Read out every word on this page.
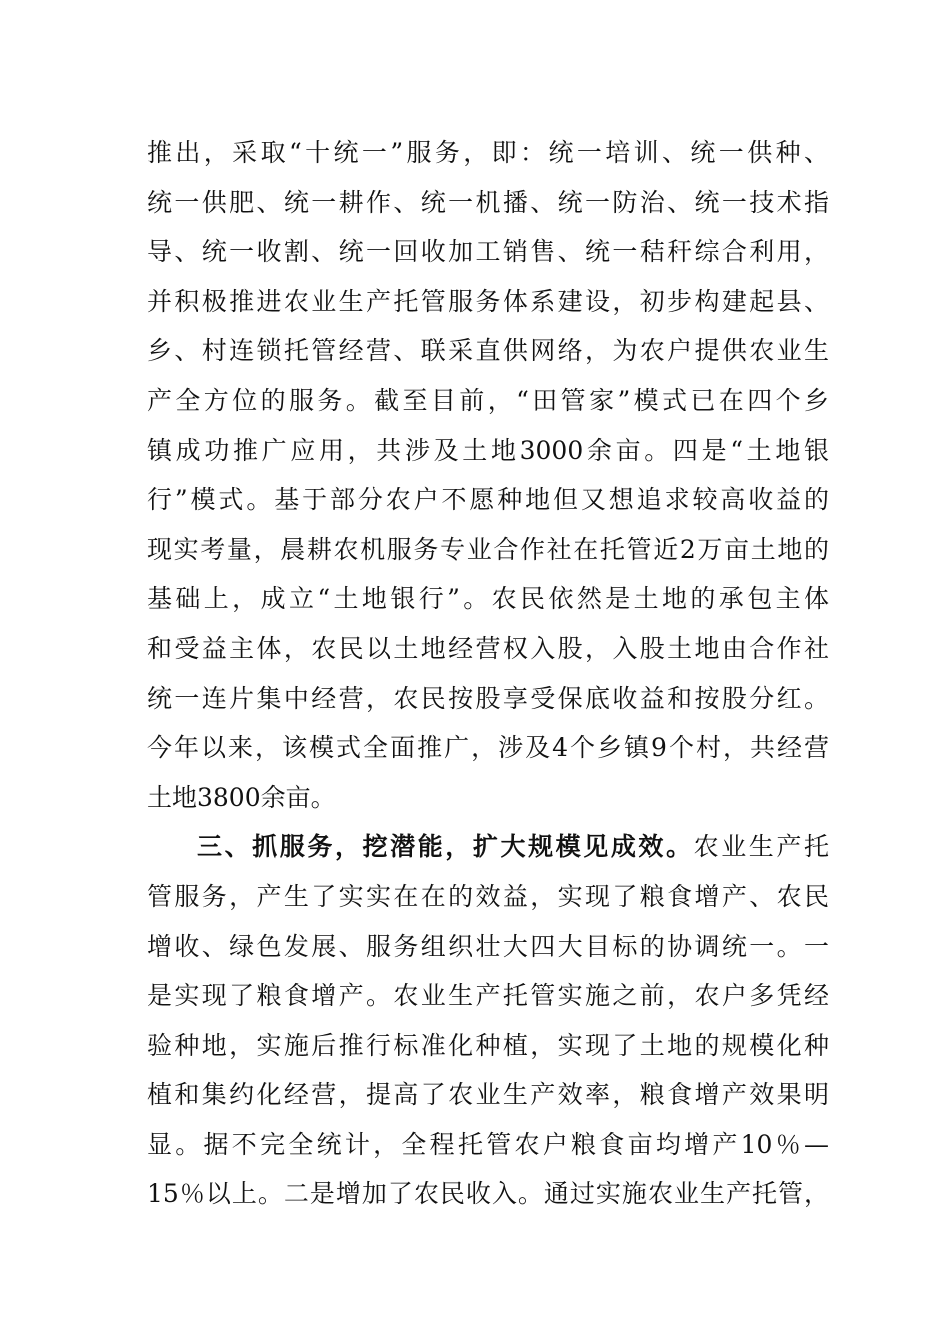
推出，采取“十统一”服务，即：统一培训、统一供种、
统一供肥、统一耕作、统一机播、统一防治、统一技术指
导、统一收割、统一回收加工销售、统一秸秆综合利用，
并积极推进农业生产托管服务体系建设，初步构建起县、
乡、村连锁托管经营、联采直供网络，为农户提供农业生
产全方位的服务。截至目前，“田管家”模式已在四个乡
镇成功推广应用，共涉及土地3000余亩。四是“土地银
行”模式。基于部分农户不愿种地但又想追求较高收益的
现实考量，晨耕农机服务专业合作社在托管近2万亩土地的
基础上，成立“土地银行”。农民依然是土地的承包主体
和受益主体，农民以土地经营权入股，入股土地由合作社
统一连片集中经营，农民按股享受保底收益和按股分红。
今年以来，该模式全面推广，涉及4个乡镇9个村，共经营
土地3800余亩。
三、抓服务，挖潜能，扩大规模见成效。农业生产托
管服务，产生了实实在在的效益，实现了粮食增产、农民
增收、绿色发展、服务组织壮大四大目标的协调统一。一
是实现了粮食增产。农业生产托管实施之前，农户多凭经
验种地，实施后推行标准化种植，实现了土地的规模化种
植和集约化经营，提高了农业生产效率，粮食增产效果明
显。据不完全统计，全程托管农户粮食亩均增产10％—
15％以上。二是增加了农民收入。通过实施农业生产托管，
